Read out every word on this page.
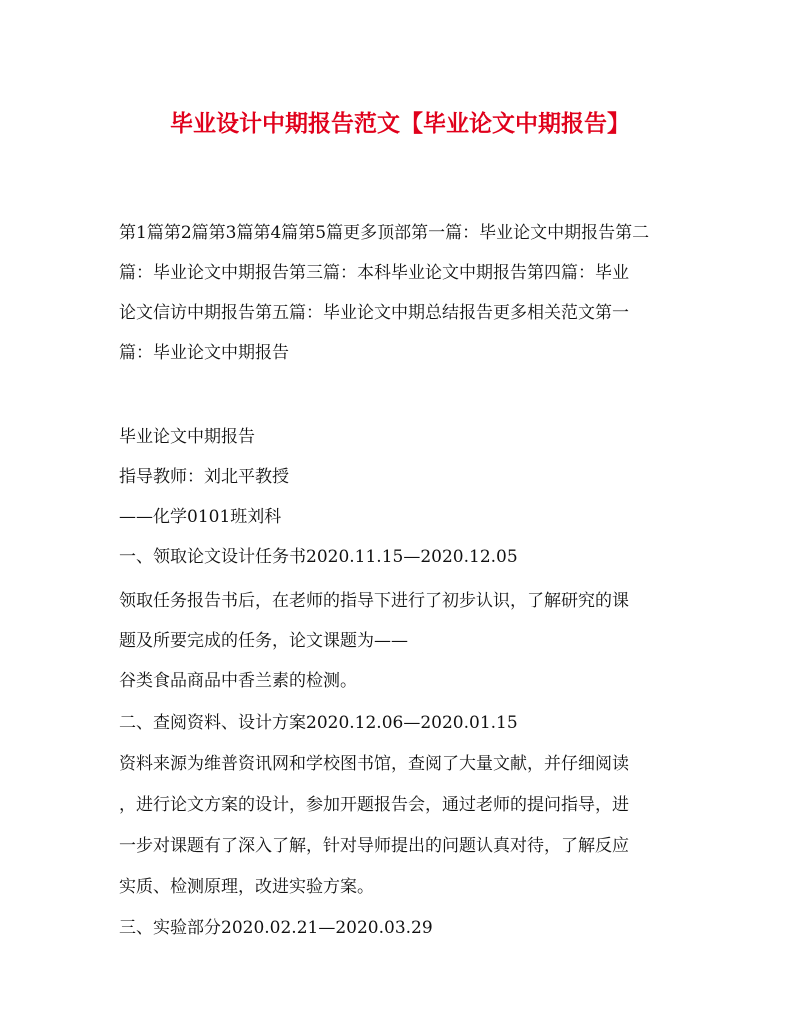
毕业设计中期报告范文【毕业论文中期报告】
第1篇第2篇第3篇第4篇第5篇更多顶部第一篇：毕业论文中期报告第二
篇：毕业论文中期报告第三篇：本科毕业论文中期报告第四篇：毕业
论文信访中期报告第五篇：毕业论文中期总结报告更多相关范文第一
篇：毕业论文中期报告
毕业论文中期报告
指导教师：刘北平教授
——化学0101班刘科
一、领取论文设计任务书2020.11.15—2020.12.05
领取任务报告书后，在老师的指导下进行了初步认识，了解研究的课
题及所要完成的任务，论文课题为——
谷类食品商品中香兰素的检测。
二、查阅资料、设计方案2020.12.06—2020.01.15
资料来源为维普资讯网和学校图书馆，查阅了大量文献，并仔细阅读
，进行论文方案的设计，参加开题报告会，通过老师的提问指导，进
一步对课题有了深入了解，针对导师提出的问题认真对待，了解反应
实质、检测原理，改进实验方案。
三、实验部分2020.02.21—2020.03.29
